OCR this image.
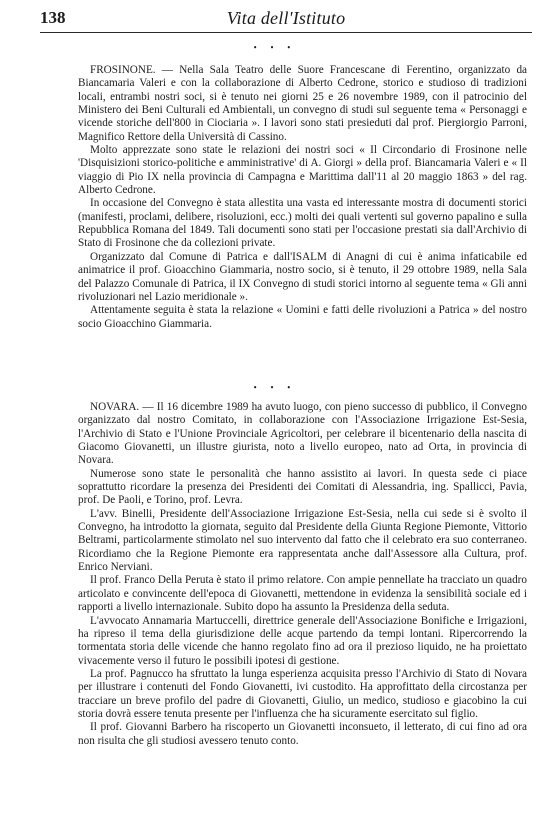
138	Vita dell'Istituto
• • •

FROSINONE. — Nella Sala Teatro delle Suore Francescane di Ferentino, organizzato da Biancamaria Valeri e con la collaborazione di Alberto Cedrone, storico e studioso di tradizioni locali, entrambi nostri soci, si è tenuto nei giorni 25 e 26 novembre 1989, con il patrocinio del Ministero dei Beni Culturali ed Ambientali, un convegno di studi sul seguente tema « Personaggi e vicende storiche dell'800 in Ciociaria ». I lavori sono stati presieduti dal prof. Piergiorgio Parroni, Magnifico Rettore della Università di Cassino.

Molto apprezzate sono state le relazioni dei nostri soci « Il Circondario di Frosinone nelle 'Disquisizioni storico-politiche e amministrative' di A. Giorgi » della prof. Biancamaria Valeri e « Il viaggio di Pio IX nella provincia di Campagna e Marittima dall'11 al 20 maggio 1863 » del rag. Alberto Cedrone.

In occasione del Convegno è stata allestita una vasta ed interessante mostra di documenti storici (manifesti, proclami, delibere, risoluzioni, ecc.) molti dei quali vertenti sul governo papalino e sulla Repubblica Romana del 1849. Tali documenti sono stati per l'occasione prestati sia dall'Archivio di Stato di Frosinone che da collezioni private.

Organizzato dal Comune di Patrica e dall'ISALM di Anagni di cui è anima infaticabile ed animatrice il prof. Gioacchino Giammaria, nostro socio, si è tenuto, il 29 ottobre 1989, nella Sala del Palazzo Comunale di Patrica, il IX Convegno di studi storici intorno al seguente tema « Gli anni rivoluzionari nel Lazio meridionale ».

Attentamente seguita è stata la relazione « Uomini e fatti delle rivoluzioni a Patrica » del nostro socio Gioacchino Giammaria.

• • •

NOVARA. — Il 16 dicembre 1989 ha avuto luogo, con pieno successo di pubblico, il Convegno organizzato dal nostro Comitato, in collaborazione con l'Associazione Irrigazione Est-Sesia, l'Archivio di Stato e l'Unione Provinciale Agricoltori, per celebrare il bicentenario della nascita di Giacomo Giovanetti, un illustre giurista, noto a livello europeo, nato ad Orta, in provincia di Novara.

Numerose sono state le personalità che hanno assistito ai lavori. In questa sede ci piace soprattutto ricordare la presenza dei Presidenti dei Comitati di Alessandria, ing. Spallicci, Pavia, prof. De Paoli, e Torino, prof. Levra.

L'avv. Binelli, Presidente dell'Associazione Irrigazione Est-Sesia, nella cui sede si è svolto il Convegno, ha introdotto la giornata, seguito dal Presidente della Giunta Regione Piemonte, Vittorio Beltrami, particolarmente stimolato nel suo intervento dal fatto che il celebrato era suo conterraneo. Ricordiamo che la Regione Piemonte era rappresentata anche dall'Assessore alla Cultura, prof. Enrico Nerviani.

Il prof. Franco Della Peruta è stato il primo relatore. Con ampie pennellate ha tracciato un quadro articolato e convincente dell'epoca di Giovanetti, mettendone in evidenza la sensibilità sociale ed i rapporti a livello internazionale. Subito dopo ha assunto la Presidenza della seduta.

L'avvocato Annamaria Martuccelli, direttrice generale dell'Associazione Bonifiche e Irrigazioni, ha ripreso il tema della giurisdizione delle acque partendo da tempi lontani. Ripercorrendo la tormentata storia delle vicende che hanno regolato fino ad ora il prezioso liquido, ne ha proiettato vivacemente verso il futuro le possibili ipotesi di gestione.

La prof. Pagnucco ha sfruttato la lunga esperienza acquisita presso l'Archivio di Stato di Novara per illustrare i contenuti del Fondo Giovanetti, ivi custodito. Ha approfittato della circostanza per tracciare un breve profilo del padre di Giovanetti, Giulio, un medico, studioso e giacobino la cui storia dovrà essere tenuta presente per l'influenza che ha sicuramente esercitato sul figlio.

Il prof. Giovanni Barbero ha riscoperto un Giovanetti inconsueto, il letterato, di cui fino ad ora non risulta che gli studiosi avessero tenuto conto.
